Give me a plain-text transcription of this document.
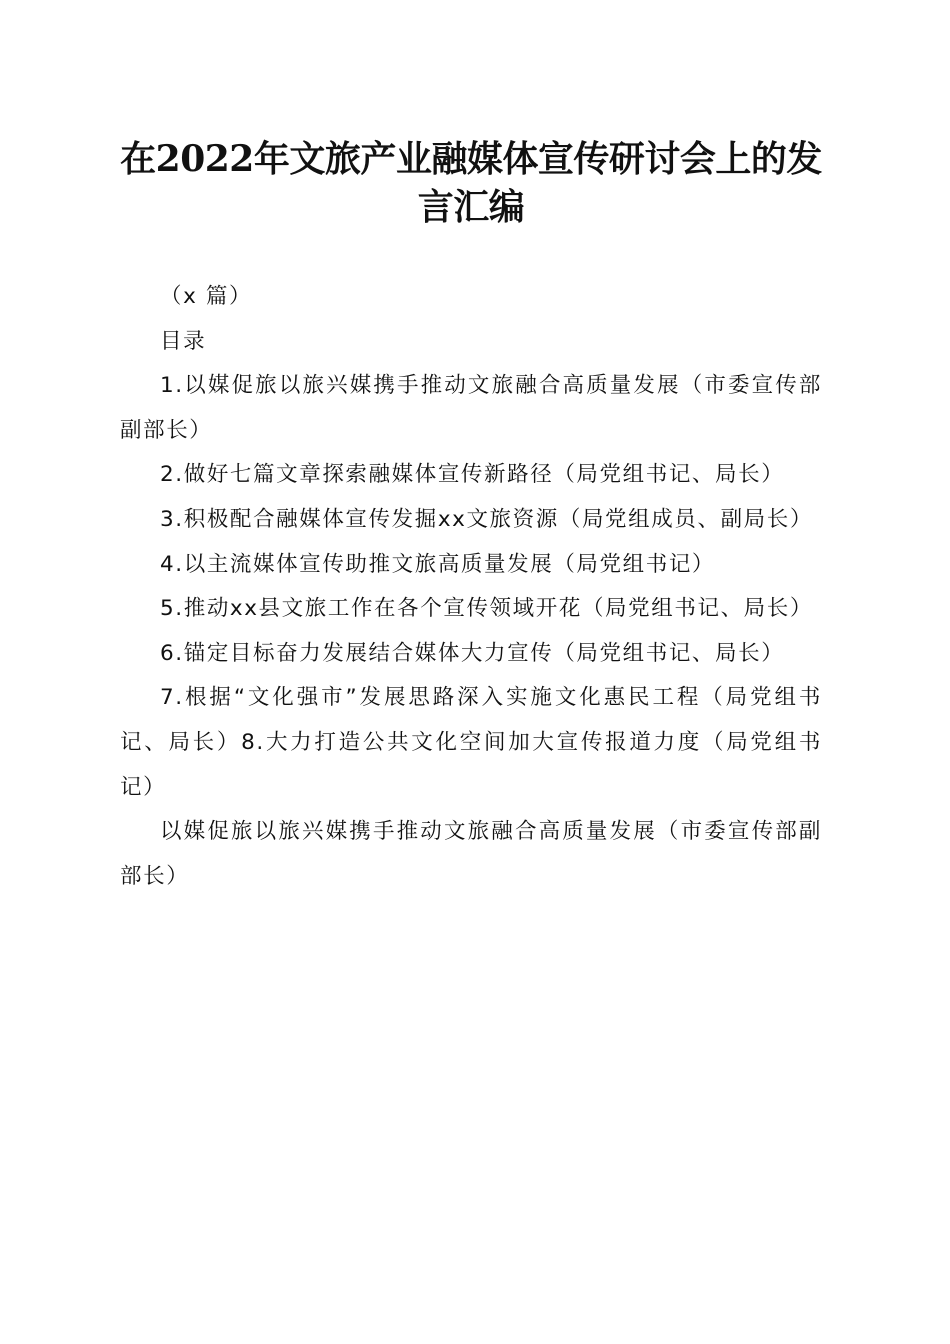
在2022年文旅产业融媒体宣传研讨会上的发言汇编

（x 篇）

目录

1.以媒促旅以旅兴媒携手推动文旅融合高质量发展（市委宣传部副部长）

2.做好七篇文章探索融媒体宣传新路径（局党组书记、局长）

3.积极配合融媒体宣传发掘xx文旅资源（局党组成员、副局长）

4.以主流媒体宣传助推文旅高质量发展（局党组书记）

5.推动xx县文旅工作在各个宣传领域开花（局党组书记、局长）

6.锚定目标奋力发展结合媒体大力宣传（局党组书记、局长）

7.根据“文化强市”发展思路深入实施文化惠民工程（局党组书记、局长）8.大力打造公共文化空间加大宣传报道力度（局党组书记）

以媒促旅以旅兴媒携手推动文旅融合高质量发展（市委宣传部副部长）
